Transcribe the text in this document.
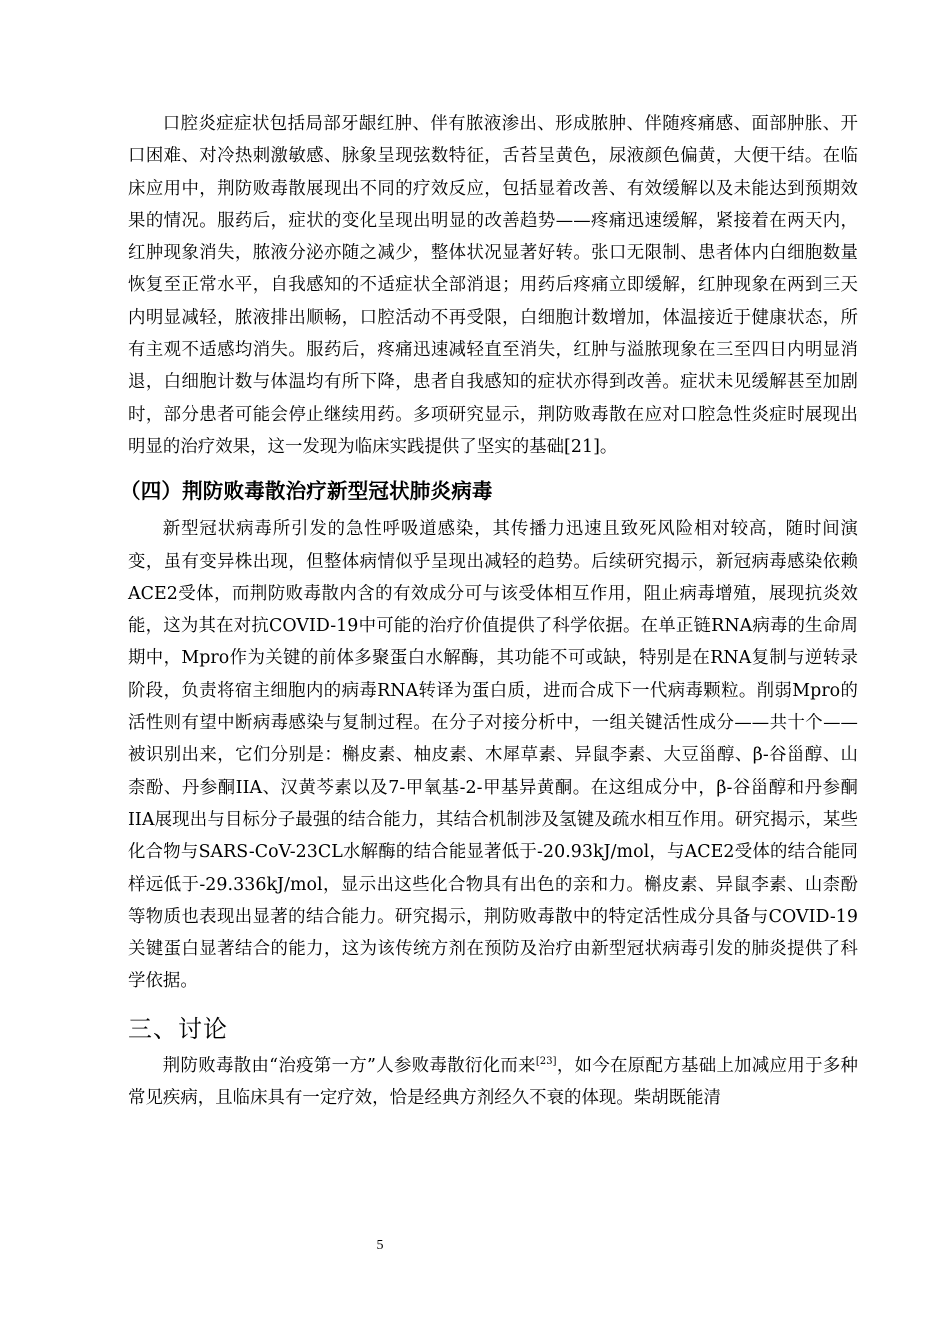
口腔炎症症状包括局部牙龈红肿、伴有脓液渗出、形成脓肿、伴随疼痛感、面部肿胀、开口困难、对冷热刺激敏感、脉象呈现弦数特征，舌苔呈黄色，尿液颜色偏黄，大便干结。在临床应用中，荆防败毒散展现出不同的疗效反应，包括显着改善、有效缓解以及未能达到预期效果的情况。服药后，症状的变化呈现出明显的改善趋势——疼痛迅速缓解，紧接着在两天内，红肿现象消失，脓液分泌亦随之减少，整体状况显著好转。张口无限制、患者体内白细胞数量恢复至正常水平，自我感知的不适症状全部消退；用药后疼痛立即缓解，红肿现象在两到三天内明显减轻，脓液排出顺畅，口腔活动不再受限，白细胞计数增加，体温接近于健康状态，所有主观不适感均消失。服药后，疼痛迅速减轻直至消失，红肿与溢脓现象在三至四日内明显消退，白细胞计数与体温均有所下降，患者自我感知的症状亦得到改善。症状未见缓解甚至加剧时，部分患者可能会停止继续用药。多项研究显示，荆防败毒散在应对口腔急性炎症时展现出明显的治疗效果，这一发现为临床实践提供了坚实的基础[21]。

（四）荆防败毒散治疗新型冠状肺炎病毒

新型冠状病毒所引发的急性呼吸道感染，其传播力迅速且致死风险相对较高，随时间演变，虽有变异株出现，但整体病情似乎呈现出减轻的趋势。后续研究揭示，新冠病毒感染依赖ACE2受体，而荆防败毒散内含的有效成分可与该受体相互作用，阻止病毒增殖，展现抗炎效能，这为其在对抗COVID-19中可能的治疗价值提供了科学依据。在单正链RNA病毒的生命周期中，Mpro作为关键的前体多聚蛋白水解酶，其功能不可或缺，特别是在RNA复制与逆转录阶段，负责将宿主细胞内的病毒RNA转译为蛋白质，进而合成下一代病毒颗粒。削弱Mpro的活性则有望中断病毒感染与复制过程。在分子对接分析中，一组关键活性成分——共十个——被识别出来，它们分别是：槲皮素、柚皮素、木犀草素、异鼠李素、大豆甾醇、β-谷甾醇、山柰酚、丹参酮IIA、汉黄芩素以及7-甲氧基-2-甲基异黄酮。在这组成分中，β-谷甾醇和丹参酮IIA展现出与目标分子最强的结合能力，其结合机制涉及氢键及疏水相互作用。研究揭示，某些化合物与SARS-CoV-23CL水解酶的结合能显著低于-20.93kJ/mol，与ACE2受体的结合能同样远低于-29.336kJ/mol，显示出这些化合物具有出色的亲和力。槲皮素、异鼠李素、山柰酚等物质也表现出显著的结合能力。研究揭示，荆防败毒散中的特定活性成分具备与COVID-19关键蛋白显著结合的能力，这为该传统方剂在预防及治疗由新型冠状病毒引发的肺炎提供了科学依据。

三、讨论

荆防败毒散由“治疫第一方”人参败毒散衍化而来[23]，如今在原配方基础上加减应用于多种常见疾病，且临床具有一定疗效，恰是经典方剂经久不衰的体现。柴胡既能清

5
